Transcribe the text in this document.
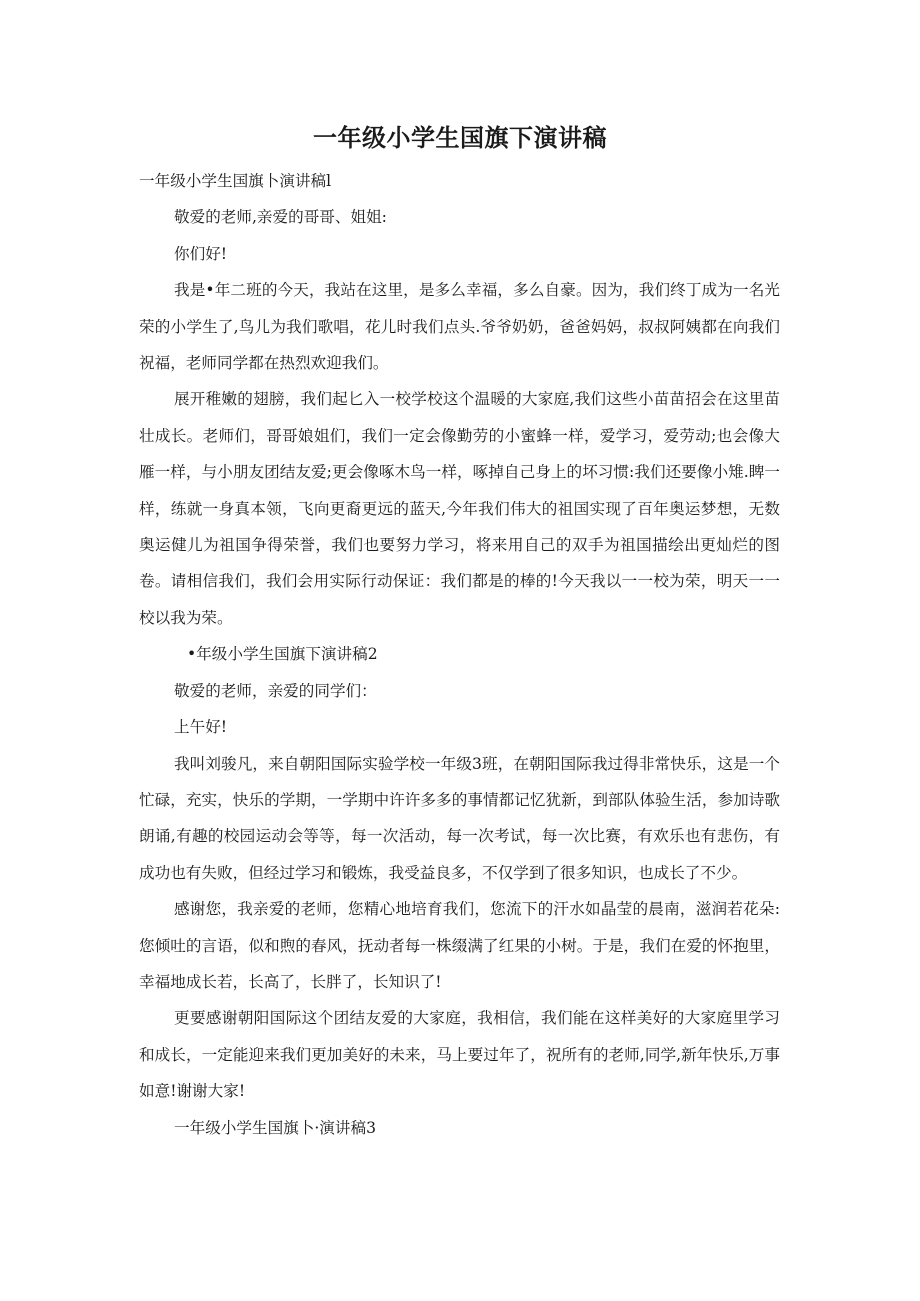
一年级小学生国旗下演讲稿

一年级小学生国旗卜演讲稿l

敬爱的老师,亲爱的哥哥、姐姐:

你们好!

我是•年二班的今天，我站在这里，是多么幸福，多么自豪。因为，我们终丁成为一名光荣的小学生了,鸟儿为我们歌唱，花儿时我们点头.爷爷奶奶，爸爸妈妈，叔叔阿姨都在向我们祝福，老师同学都在热烈欢迎我们。

展开稚嫩的翅膀，我们起匕入一校学校这个温暖的大家庭,我们这些小苗苗招会在这里苗壮成长。老师们，哥哥娘姐们，我们一定会像勤劳的小蜜蜂一样，爱学习，爱劳动;也会像大雁一样，与小朋友团结友爱;更会像啄木鸟一样，啄掉自己身上的坏习惯:我们还要像小雉.睥一样，练就一身真本领，飞向更裔更远的蓝天,今年我们伟大的祖国实现了百年奥运梦想，无数奥运健儿为祖国争得荣誉，我们也要努力学习，将来用自己的双手为祖国描绘出更灿烂的图卷。请相信我们，我们会用实际行动保证：我们都是的棒的!今天我以一一校为荣，明天一一校以我为荣。

•年级小学生国旗下演讲稿2

敬爱的老师，亲爱的同学们：

上午好!

我叫刘骏凡，来自朝阳国际实验学校一年级3班，在朝阳国际我过得非常快乐，这是一个忙碌，充实，快乐的学期，一学期中许许多多的事情都记忆犹新，到部队体验生活，参加诗歌朗诵,有趣的校园运动会等等，每一次活动，每一次考试，每一次比赛，有欢乐也有悲伤，有成功也有失败，但经过学习和锻炼，我受益良多，不仅学到了很多知识，也成长了不少。

感谢您，我亲爱的老师，您精心地培育我们，您流下的汗水如晶莹的晨南，滋润若花朵:您倾吐的言语，似和煦的春风，抚动者每一株缀满了红果的小树。于是，我们在爱的怀抱里，幸福地成长若，长高了，长胖了，长知识了!

更要感谢朝阳国际这个团结友爱的大家庭，我相信，我们能在这样美好的大家庭里学习和成长，一定能迎来我们更加美好的未来，马上要过年了，祝所有的老师,同学,新年快乐,万事如意!谢谢大家!

一年级小学生国旗卜·演讲稿3
